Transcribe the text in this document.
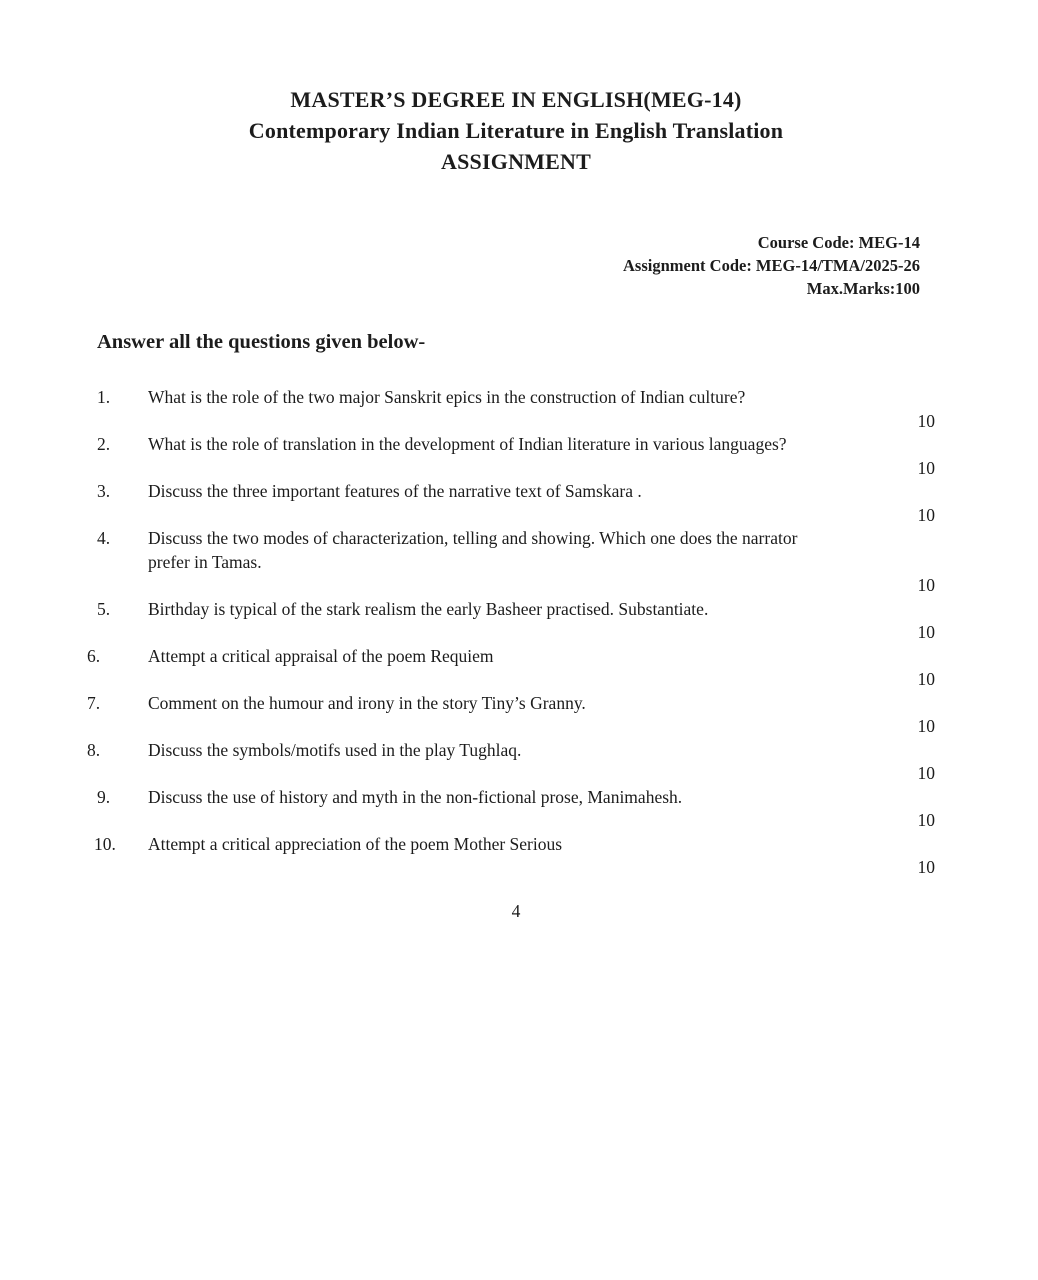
MASTER’S DEGREE IN ENGLISH(MEG-14)
Contemporary Indian Literature in English Translation
ASSIGNMENT
Course Code: MEG-14
Assignment Code: MEG-14/TMA/2025-26
Max.Marks:100
Answer all the questions given below-
1.	What is the role of the two major Sanskrit epics in the construction of Indian culture?
10
2.	What is the role of translation in the development of Indian literature in various languages?
10
3.	Discuss the three important features of the narrative text of Samskara .
10
4.	Discuss the two modes of characterization, telling and showing. Which one does the narrator prefer in Tamas.
10
5.	Birthday is typical of the stark realism the early Basheer practised. Substantiate.
10
6.	Attempt a critical appraisal of the poem Requiem
10
7.	Comment on the humour and irony in the story Tiny’s Granny.
10
8.	Discuss the symbols/motifs used in the play Tughlaq.
10
9.	Discuss the use of history and myth in the non-fictional prose, Manimahesh.
10
10.	Attempt a critical appreciation of the poem Mother Serious
10
4
